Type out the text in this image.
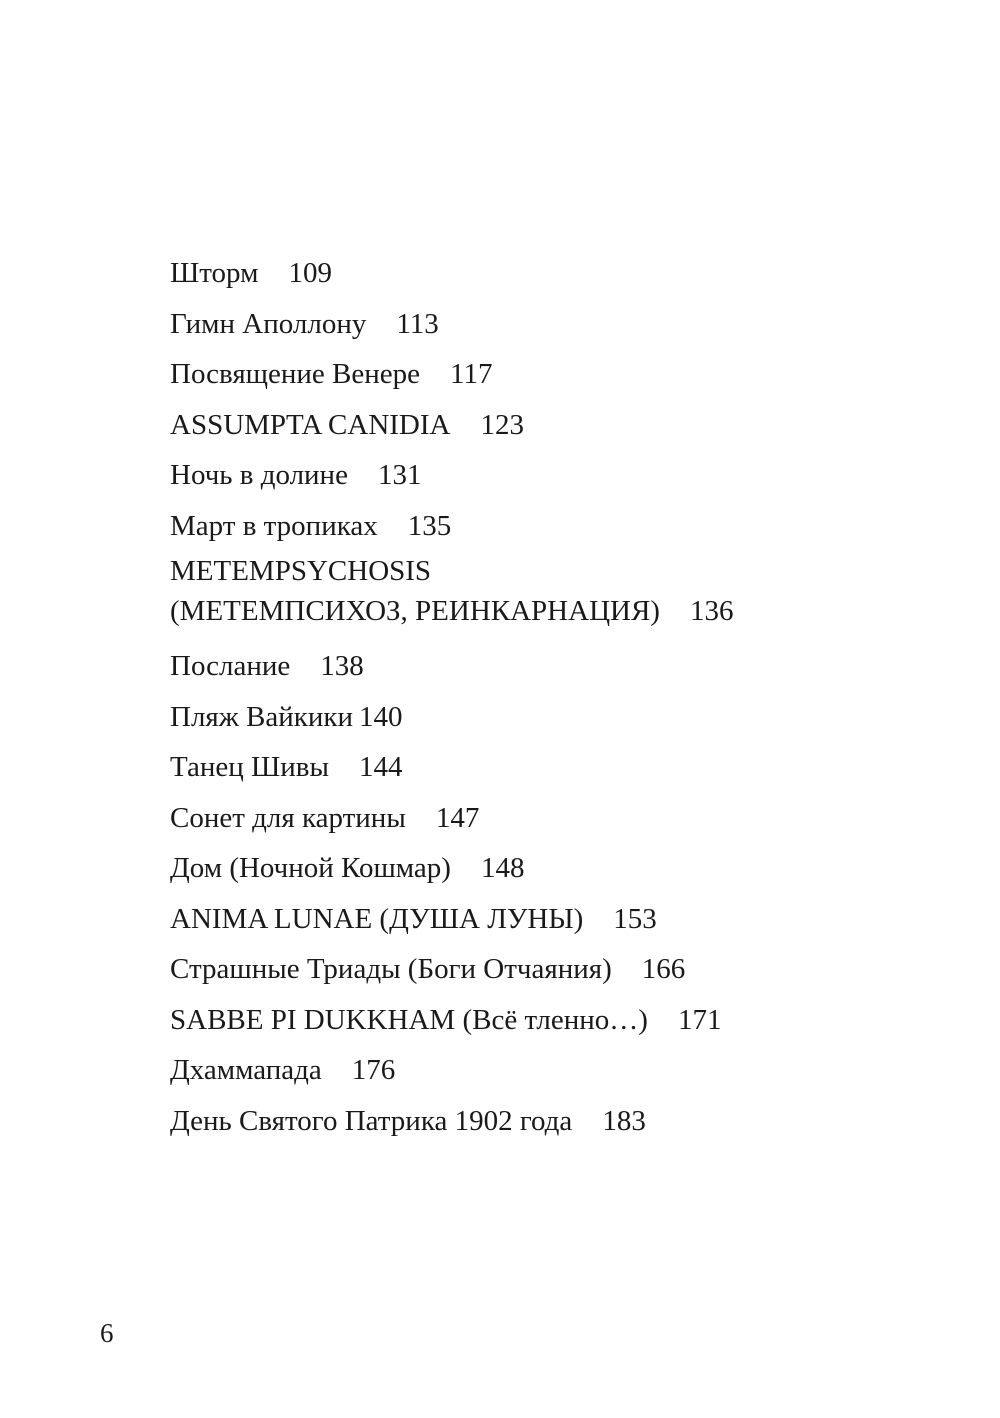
Шторм 109
Гимн Аполлону 113
Посвящение Венере 117
ASSUMPTA CANIDIA 123
Ночь в долине 131
Март в тропиках 135
METEMPSYCHOSIS
(МЕТЕМПСИХОЗ, РЕИНКАРНАЦИЯ) 136
Послание 138
Пляж Вайкики 140
Танец Шивы 144
Сонет для картины 147
Дом (Ночной Кошмар) 148
ANIMA LUNAE (ДУША ЛУНЫ) 153
Страшные Триады (Боги Отчаяния) 166
SABBE PI DUKKHAM (Всё тленно…) 171
Дхаммапада 176
День Святого Патрика 1902 года 183
6
